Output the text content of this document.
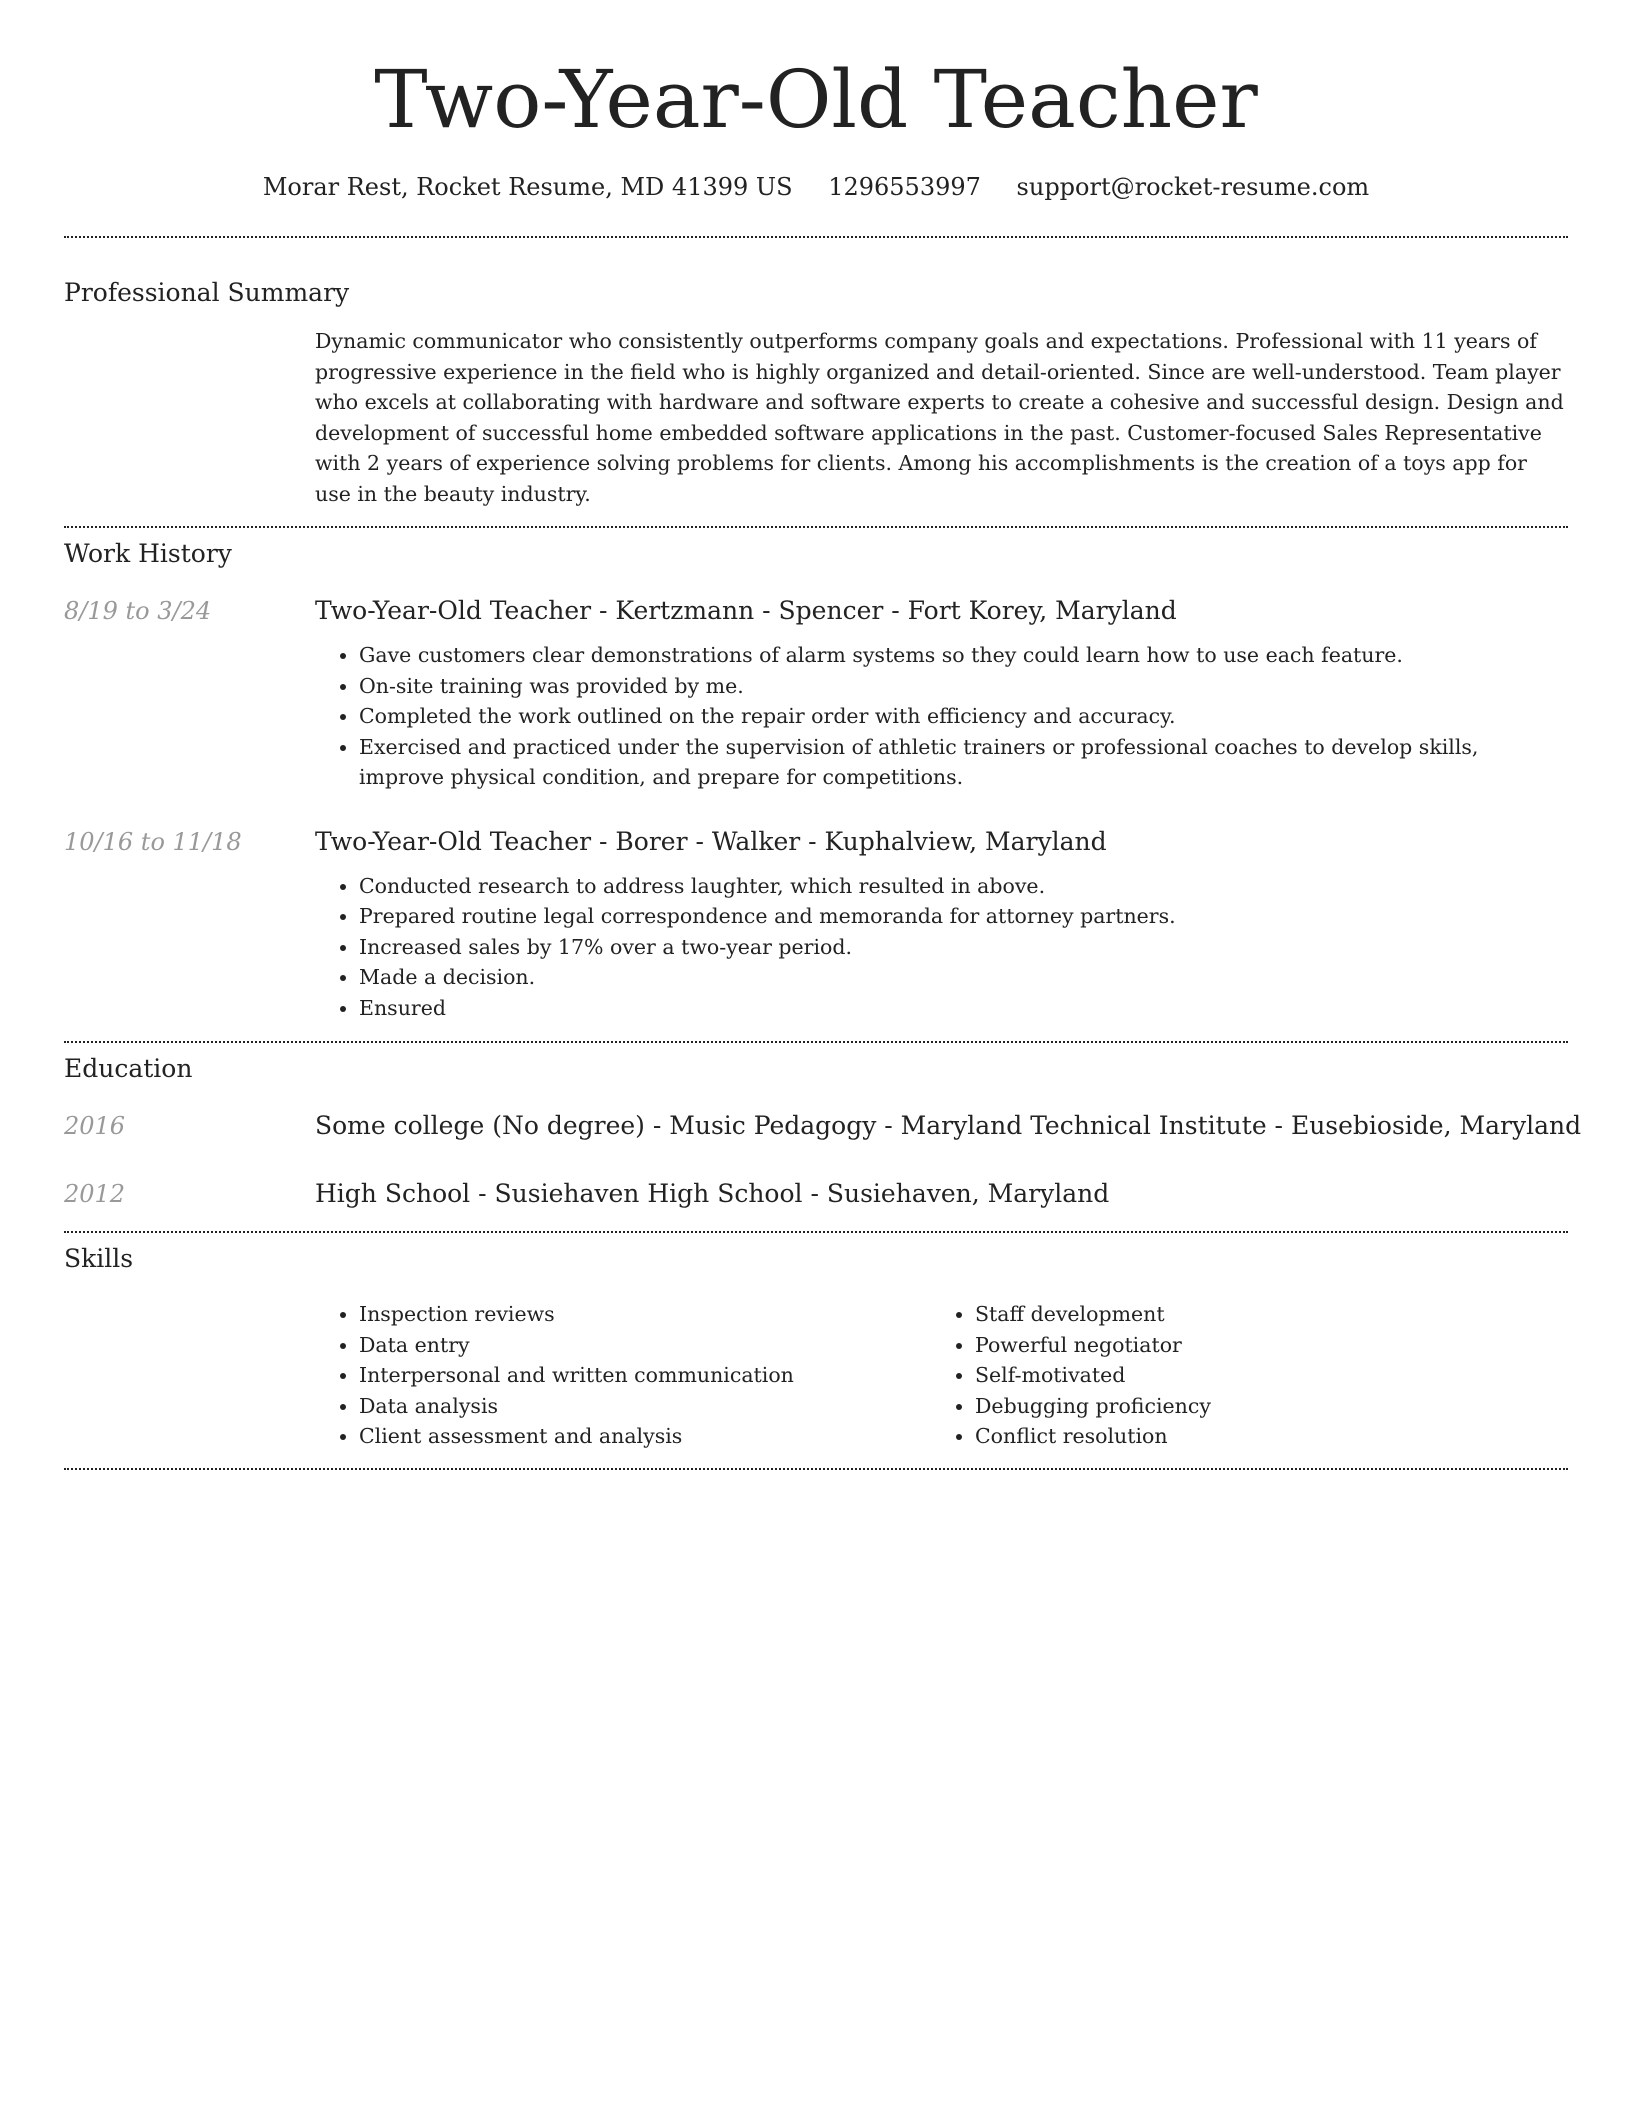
Two-Year-Old Teacher
Morar Rest, Rocket Resume, MD 41399 US 1296553997 support@rocket-resume.com
Professional Summary

Dynamic communicator who consistently outperforms company goals and expectations. Professional with 11 years of progressive experience in the field who is highly organized and detail-oriented. Since are well-understood. Team player who excels at collaborating with hardware and software experts to create a cohesive and successful design. Design and development of successful home embedded software applications in the past. Customer-focused Sales Representative with 2 years of experience solving problems for clients. Among his accomplishments is the creation of a toys app for use in the beauty industry.

Work History
8/19 to 3/24	Two-Year-Old Teacher - Kertzmann - Spencer - Fort Korey, Maryland
• Gave customers clear demonstrations of alarm systems so they could learn how to use each feature.
• On-site training was provided by me.
• Completed the work outlined on the repair order with efficiency and accuracy.
• Exercised and practiced under the supervision of athletic trainers or professional coaches to develop skills, improve physical condition, and prepare for competitions.
10/16 to 11/18	Two-Year-Old Teacher - Borer - Walker - Kuphalview, Maryland
• Conducted research to address laughter, which resulted in above.
• Prepared routine legal correspondence and memoranda for attorney partners.
• Increased sales by 17% over a two-year period.
• Made a decision.
• Ensured
Education
2016	Some college (No degree) - Music Pedagogy - Maryland Technical Institute - Eusebioside, Maryland
2012	High School - Susiehaven High School - Susiehaven, Maryland
Skills
• Inspection reviews
• Data entry
• Interpersonal and written communication
• Data analysis
• Client assessment and analysis
• Staff development
• Powerful negotiator
• Self-motivated
• Debugging proficiency
• Conflict resolution
